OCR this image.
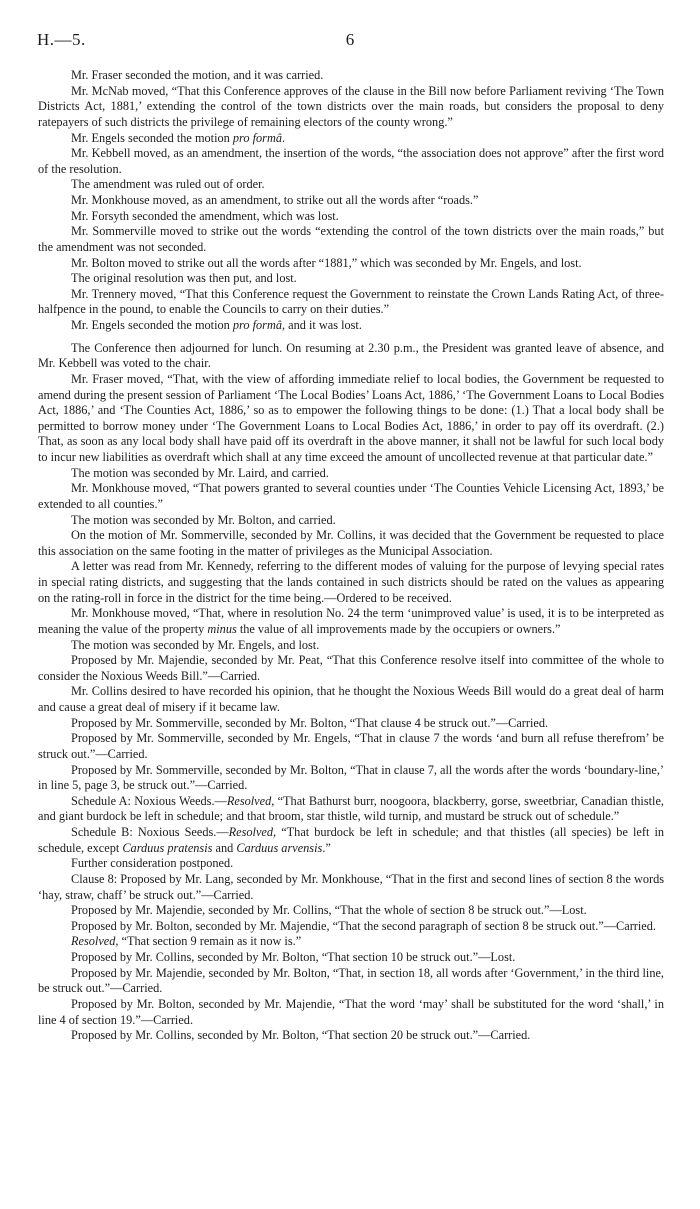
H.—5.	6

Mr. Fraser seconded the motion, and it was carried.

Mr. McNab moved, “That this Conference approves of the clause in the Bill now before Parliament reviving ‘The Town Districts Act, 1881,’ extending the control of the town districts over the main roads, but considers the proposal to deny ratepayers of such districts the privilege of remaining electors of the county wrong.”

Mr. Engels seconded the motion pro formâ.

Mr. Kebbell moved, as an amendment, the insertion of the words, “the association does not approve” after the first word of the resolution.

The amendment was ruled out of order.

Mr. Monkhouse moved, as an amendment, to strike out all the words after “roads.”

Mr. Forsyth seconded the amendment, which was lost.

Mr. Sommerville moved to strike out the words “extending the control of the town districts over the main roads,” but the amendment was not seconded.

Mr. Bolton moved to strike out all the words after “1881,” which was seconded by Mr. Engels, and lost.

The original resolution was then put, and lost.

Mr. Trennery moved, “That this Conference request the Government to reinstate the Crown Lands Rating Act, of three-halfpence in the pound, to enable the Councils to carry on their duties.”

Mr. Engels seconded the motion pro formâ, and it was lost.

The Conference then adjourned for lunch. On resuming at 2.30 p.m., the President was granted leave of absence, and Mr. Kebbell was voted to the chair.

Mr. Fraser moved, “That, with the view of affording immediate relief to local bodies, the Government be requested to amend during the present session of Parliament ‘The Local Bodies’ Loans Act, 1886,’ ‘The Government Loans to Local Bodies Act, 1886,’ and ‘The Counties Act, 1886,’ so as to empower the following things to be done: (1.) That a local body shall be permitted to borrow money under ‘The Government Loans to Local Bodies Act, 1886,’ in order to pay off its overdraft. (2.) That, as soon as any local body shall have paid off its overdraft in the above manner, it shall not be lawful for such local body to incur new liabilities as overdraft which shall at any time exceed the amount of uncollected revenue at that particular date.”

The motion was seconded by Mr. Laird, and carried.

Mr. Monkhouse moved, “That powers granted to several counties under ‘The Counties Vehicle Licensing Act, 1893,’ be extended to all counties.”

The motion was seconded by Mr. Bolton, and carried.

On the motion of Mr. Sommerville, seconded by Mr. Collins, it was decided that the Government be requested to place this association on the same footing in the matter of privileges as the Municipal Association.

A letter was read from Mr. Kennedy, referring to the different modes of valuing for the purpose of levying special rates in special rating districts, and suggesting that the lands contained in such districts should be rated on the values as appearing on the rating-roll in force in the district for the time being.—Ordered to be received.

Mr. Monkhouse moved, “That, where in resolution No. 24 the term ‘unimproved value’ is used, it is to be interpreted as meaning the value of the property minus the value of all improvements made by the occupiers or owners.”

The motion was seconded by Mr. Engels, and lost.

Proposed by Mr. Majendie, seconded by Mr. Peat, “That this Conference resolve itself into committee of the whole to consider the Noxious Weeds Bill.”—Carried.

Mr. Collins desired to have recorded his opinion, that he thought the Noxious Weeds Bill would do a great deal of harm and cause a great deal of misery if it became law.

Proposed by Mr. Sommerville, seconded by Mr. Bolton, “That clause 4 be struck out.”—Carried.

Proposed by Mr. Sommerville, seconded by Mr. Engels, “That in clause 7 the words ‘and burn all refuse therefrom’ be struck out.”—Carried.

Proposed by Mr. Sommerville, seconded by Mr. Bolton, “That in clause 7, all the words after the words ‘boundary-line,’ in line 5, page 3, be struck out.”—Carried.

Schedule A: Noxious Weeds.—Resolved, “That Bathurst burr, noogoora, blackberry, gorse, sweetbriar, Canadian thistle, and giant burdock be left in schedule; and that broom, star thistle, wild turnip, and mustard be struck out of schedule.”

Schedule B: Noxious Seeds.—Resolved, “That burdock be left in schedule; and that thistles (all species) be left in schedule, except Carduus pratensis and Carduus arvensis.”

Further consideration postponed.

Clause 8: Proposed by Mr. Lang, seconded by Mr. Monkhouse, “That in the first and second lines of section 8 the words ‘hay, straw, chaff’ be struck out.”—Carried.

Proposed by Mr. Majendie, seconded by Mr. Collins, “That the whole of section 8 be struck out.”—Lost.

Proposed by Mr. Bolton, seconded by Mr. Majendie, “That the second paragraph of section 8 be struck out.”—Carried.

Resolved, “That section 9 remain as it now is.”

Proposed by Mr. Collins, seconded by Mr. Bolton, “That section 10 be struck out.”—Lost.

Proposed by Mr. Majendie, seconded by Mr. Bolton, “That, in section 18, all words after ‘Government,’ in the third line, be struck out.”—Carried.

Proposed by Mr. Bolton, seconded by Mr. Majendie, “That the word ‘may’ shall be substituted for the word ‘shall,’ in line 4 of section 19.”—Carried.

Proposed by Mr. Collins, seconded by Mr. Bolton, “That section 20 be struck out.”—Carried.
